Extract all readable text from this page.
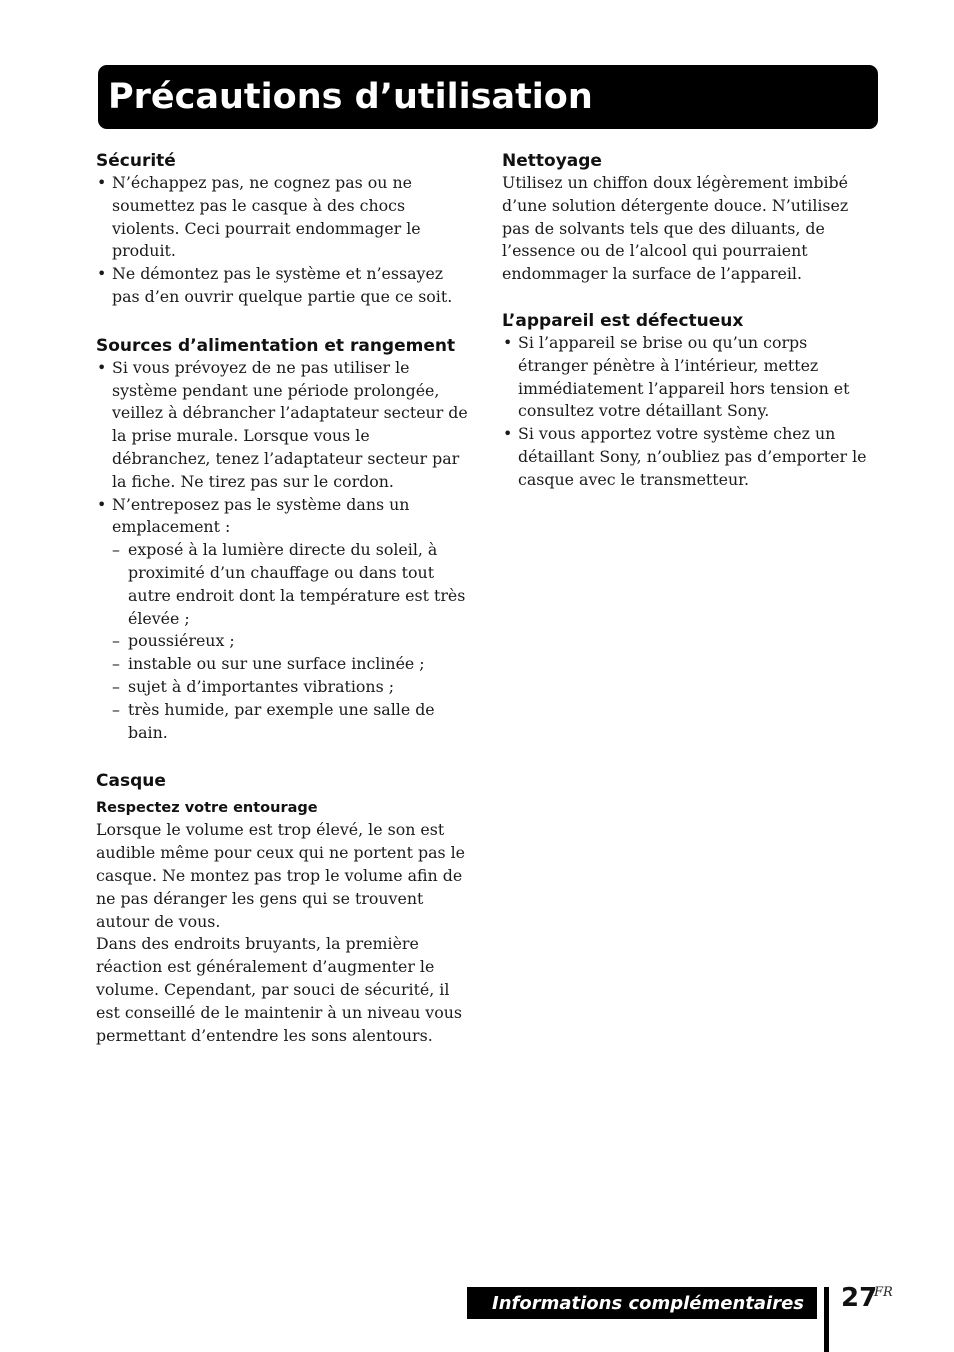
Précautions d’utilisation
Sécurité
• N’échappez pas, ne cognez pas ou ne soumettez pas le casque à des chocs violents. Ceci pourrait endommager le produit.
• Ne démontez pas le système et n’essayez pas d’en ouvrir quelque partie que ce soit.
Sources d’alimentation et rangement
• Si vous prévoyez de ne pas utiliser le système pendant une période prolongée, veillez à débrancher l’adaptateur secteur de la prise murale. Lorsque vous le débranchez, tenez l’adaptateur secteur par la fiche. Ne tirez pas sur le cordon.
• N’entreposez pas le système dans un emplacement :
– exposé à la lumière directe du soleil, à proximité d’un chauffage ou dans tout autre endroit dont la température est très élevée ;
– poussiéreux ;
– instable ou sur une surface inclinée ;
– sujet à d’importantes vibrations ;
– très humide, par exemple une salle de bain.
Casque
Respectez votre entourage

Lorsque le volume est trop élevé, le son est audible même pour ceux qui ne portent pas le casque. Ne montez pas trop le volume afin de ne pas déranger les gens qui se trouvent autour de vous.

Dans des endroits bruyants, la première réaction est généralement d’augmenter le volume. Cependant, par souci de sécurité, il est conseillé de le maintenir à un niveau vous permettant d’entendre les sons alentours.

Nettoyage

Utilisez un chiffon doux légèrement imbibé d’une solution détergente douce. N’utilisez pas de solvants tels que des diluants, de l’essence ou de l’alcool qui pourraient endommager la surface de l’appareil.

L’appareil est défectueux
• Si l’appareil se brise ou qu’un corps étranger pénètre à l’intérieur, mettez immédiatement l’appareil hors tension et consultez votre détaillant Sony.
• Si vous apportez votre système chez un détaillant Sony, n’oubliez pas d’emporter le casque avec le transmetteur.
Informations complémentaires 27
FR
